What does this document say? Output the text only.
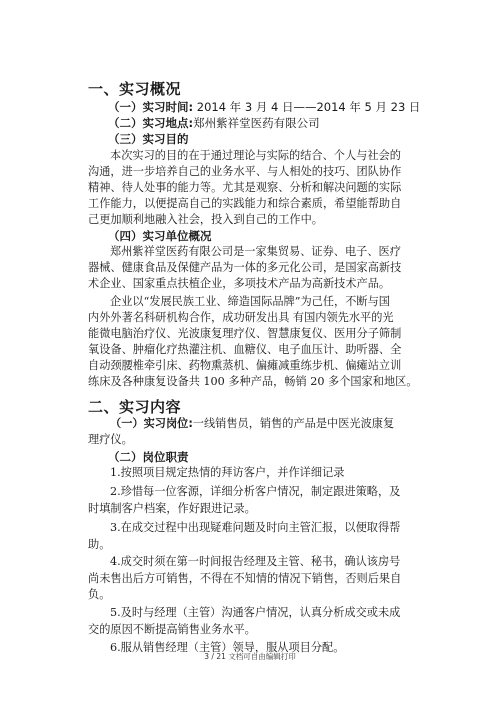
一、实习概况
（一）实习时间: 2014 年 3 月 4 日——2014 年 5 月 23 日
（二）实习地点:郑州紫祥堂医药有限公司
（三）实习目的
本次实习的目的在于通过理论与实际的结合、个人与社会的
沟通，进一步培养自己的业务水平、与人相处的技巧、团队协作
精神、待人处事的能力等。尤其是观察、分析和解决问题的实际
工作能力，以便提高自己的实践能力和综合素质，希望能帮助自
己更加顺利地融入社会，投入到自己的工作中。
（四）实习单位概况
郑州紫祥堂医药有限公司是一家集贸易、证券、电子、医疗
器械、健康食品及保健产品为一体的多元化公司，是国家高新技
术企业、国家重点扶植企业，多项技术产品为高新技术产品。
企业以“发展民族工业、缔造国际品牌”为己任，不断与国
内外外著名科研机构合作，成功研发出具 有国内领先水平的光
能微电脑治疗仪、光波康复理疗仪、智慧康复仪、医用分子筛制
氧设备、肿瘤化疗热灌注机、血糖仪、电子血压计、助听器、全
自动颈腰椎牵引床、药物熏蒸机、偏瘫减重练步机、偏瘫站立训
练床及各种康复设备共 100 多种产品，畅销 20 多个国家和地区。
二、实习内容
（一）实习岗位:一线销售员，销售的产品是中医光波康复
理疗仪。
（二）岗位职责
1.按照项目规定热情的拜访客户，并作详细记录
2.珍惜每一位客源，详细分析客户情况，制定跟进策略，及
时填制客户档案，作好跟进记录。
3.在成交过程中出现疑难问题及时向主管汇报，以便取得帮
助。
4.成交时须在第一时间报告经理及主管、秘书，确认该房号
尚未售出后方可销售，不得在不知情的情况下销售，否则后果自
负。
5.及时与经理（主管）沟通客户情况，认真分析成交或未成
交的原因不断提高销售业务水平。
6.服从销售经理（主管）领导，服从项目分配。
3 / 21 文档可自由编辑打印
